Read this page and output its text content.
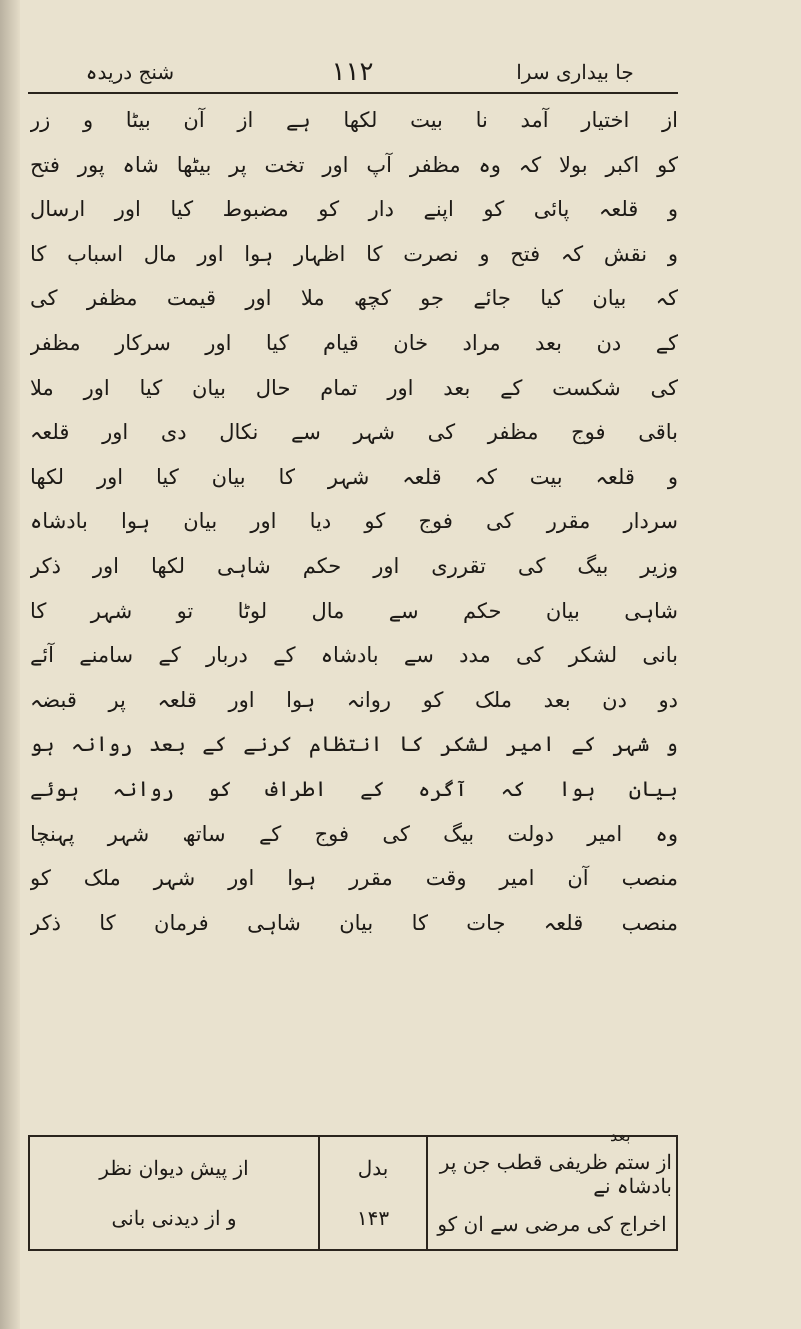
جا بیداری سرا
۱۱۲
شنج دریدہ
از اختیار آمد نا بیت لکھا ہے از آن بیٹا و زر
کو اکبر بولا کہ وہ مظفر آپ اور تخت پر بیٹھا شاہ پور فتح
و قلعہ پائی کو اپنے دار کو مضبوط کیا اور ارسال
و نقش کہ فتح و نصرت کا اظہار ہوا اور مال اسباب کا
کہ بیان کیا جائے جو کچھ ملا اور قیمت مظفر کی
کے دن بعد مراد خان قیام کیا اور سرکار مظفر
کی شکست کے بعد اور تمام حال بیان کیا اور ملا
باقی فوج مظفر کی شہر سے نکال دی اور قلعہ
و قلعہ بیت کہ قلعہ شہر کا بیان کیا اور لکھا
سردار مقرر کی فوج کو دیا اور بیان ہوا بادشاہ
وزیر بیگ کی تقرری اور حکم شاہی لکھا اور ذکر
شاہی بیان حکم سے مال لوٹا تو شہر کا
بانی لشکر کی مدد سے بادشاہ کے دربار کے سامنے آئے
دو دن بعد ملک کو روانہ ہوا اور قلعہ پر قبضہ
و شہر کے امیر لشکر کا انتظام کرنے کے بعد روانہ ہو
بیان ہوا کہ آگرہ کے اطراف کو روانہ ہوئے
وہ امیر دولت بیگ کی فوج کے ساتھ شہر پہنچا
منصب آن امیر وقت مقرر ہوا اور شہر ملک کو
منصب قلعہ جات کا بیان شاہی فرمان کا ذکر
بعد
از ستم ظریفی قطب جن پر بادشاہ نے
اخراج کی مرضی سے ان کو
بدل
۱۴۳
از پیش دیوان نظر
و از دیدنی بانی
